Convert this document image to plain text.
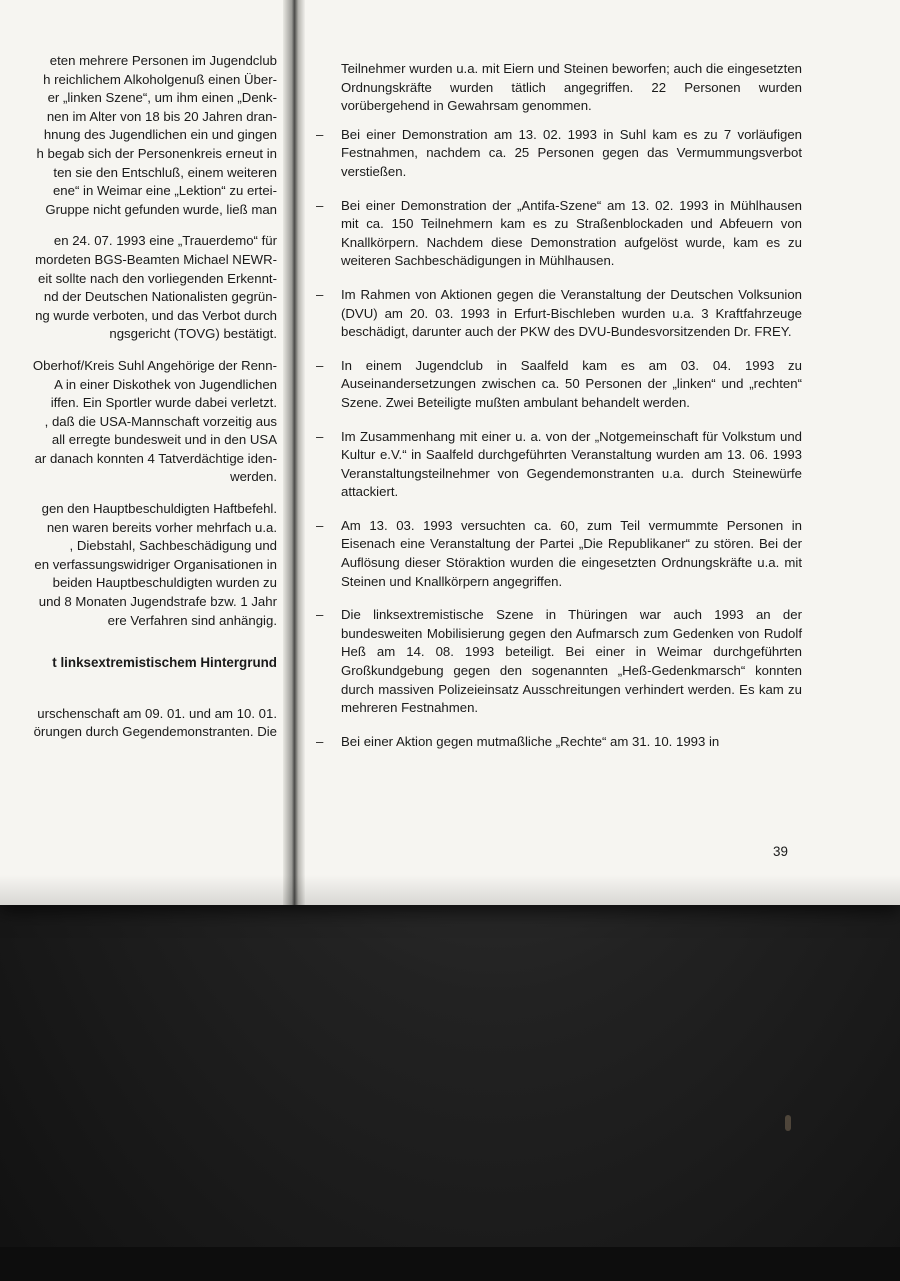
eten mehrere Personen im Jugendclub
h reichlichem Alkoholgenuß einen Über-
er „linken Szene“, um ihm einen „Denk-
nen im Alter von 18 bis 20 Jahren dran-
hnung des Jugendlichen ein und gingen
h begab sich der Personenkreis erneut in
ten sie den Entschluß, einem weiteren
ene“ in Weimar eine „Lektion“ zu ertei-
Gruppe nicht gefunden wurde, ließ man
en 24. 07. 1993 eine „Trauerdemo“ für
mordeten BGS-Beamten Michael NEWR-
eit sollte nach den vorliegenden Erkennt-
nd der Deutschen Nationalisten gegrün-
ng wurde verboten, und das Verbot durch
ngsgericht (TOVG) bestätigt.
Oberhof/Kreis Suhl Angehörige der Renn-
A in einer Diskothek von Jugendlichen
iffen. Ein Sportler wurde dabei verletzt.
, daß die USA-Mannschaft vorzeitig aus
all erregte bundesweit und in den USA
ar danach konnten 4 Tatverdächtige iden-
werden.
gen den Hauptbeschuldigten Haftbefehl.
nen waren bereits vorher mehrfach u.a.
, Diebstahl, Sachbeschädigung und
en verfassungswidriger Organisationen in
beiden Hauptbeschuldigten wurden zu
und 8 Monaten Jugendstrafe bzw. 1 Jahr
ere Verfahren sind anhängig.
t linksextremistischem Hintergrund
urschenschaft am 09. 01. und am 10. 01.
örungen durch Gegendemonstranten. Die

Teilnehmer wurden u.a. mit Eiern und Steinen beworfen; auch die eingesetzten Ordnungskräfte wurden tätlich angegriffen. 22 Personen wurden vorübergehend in Gewahrsam genommen.

– Bei einer Demonstration am 13. 02. 1993 in Suhl kam es zu 7 vorläufigen Festnahmen, nachdem ca. 25 Personen gegen das Vermummungsverbot verstießen.
– Bei einer Demonstration der „Antifa-Szene“ am 13. 02. 1993 in Mühlhausen mit ca. 150 Teilnehmern kam es zu Straßenblockaden und Abfeuern von Knallkörpern. Nachdem diese Demonstration aufgelöst wurde, kam es zu weiteren Sachbeschädigungen in Mühlhausen.
– Im Rahmen von Aktionen gegen die Veranstaltung der Deutschen Volksunion (DVU) am 20. 03. 1993 in Erfurt-Bischleben wurden u.a. 3 Kraftfahrzeuge beschädigt, darunter auch der PKW des DVU-Bundesvorsitzenden Dr. FREY.
– In einem Jugendclub in Saalfeld kam es am 03. 04. 1993 zu Auseinandersetzungen zwischen ca. 50 Personen der „linken“ und „rechten“ Szene. Zwei Beteiligte mußten ambulant behandelt werden.
– Im Zusammenhang mit einer u. a. von der „Notgemeinschaft für Volkstum und Kultur e.V.“ in Saalfeld durchgeführten Veranstaltung wurden am 13. 06. 1993 Veranstaltungsteilnehmer von Gegendemonstranten u.a. durch Steinewürfe attackiert.
– Am 13. 03. 1993 versuchten ca. 60, zum Teil vermummte Personen in Eisenach eine Veranstaltung der Partei „Die Republikaner“ zu stören. Bei der Auflösung dieser Störaktion wurden die eingesetzten Ordnungskräfte u.a. mit Steinen und Knallkörpern angegriffen.
– Die linksextremistische Szene in Thüringen war auch 1993 an der bundesweiten Mobilisierung gegen den Aufmarsch zum Gedenken von Rudolf Heß am 14. 08. 1993 beteiligt. Bei einer in Weimar durchgeführten Großkundgebung gegen den sogenannten „Heß-Gedenkmarsch“ konnten durch massiven Polizeieinsatz Ausschreitungen verhindert werden. Es kam zu mehreren Festnahmen.
– Bei einer Aktion gegen mutmaßliche „Rechte“ am 31. 10. 1993 in
39
